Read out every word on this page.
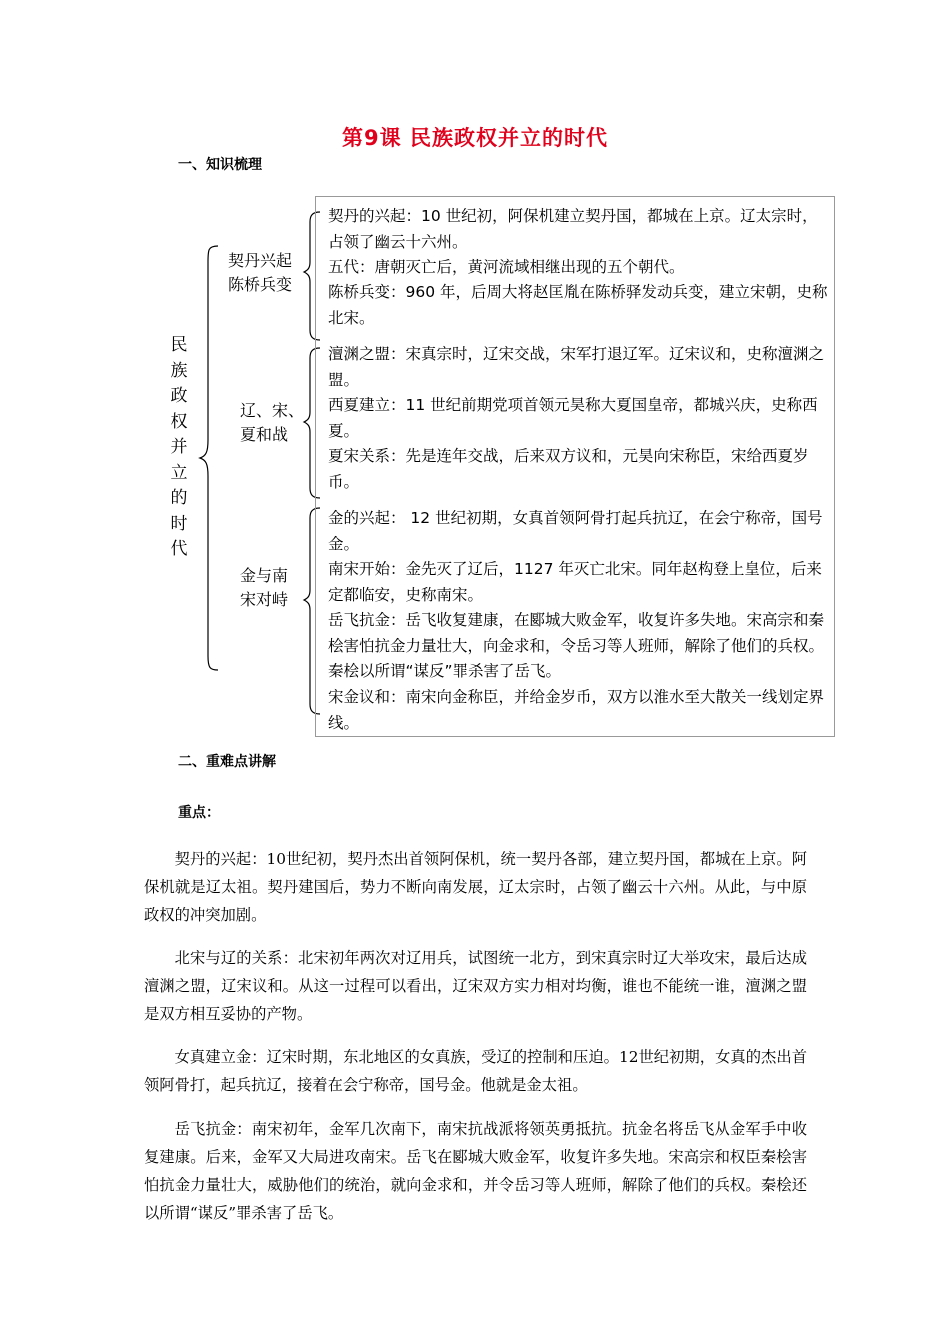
第9课 民族政权并立的时代
一、知识梳理
民
族
政
权
并
立
的
时
代
契丹兴起
陈桥兵变
辽、宋、
夏和战
金与南
宋对峙
契丹的兴起：10 世纪初，阿保机建立契丹国，都城在上京。辽太宗时，占领了幽云十六州。
五代：唐朝灭亡后，黄河流域相继出现的五个朝代。
陈桥兵变：960 年，后周大将赵匡胤在陈桥驿发动兵变，建立宋朝，史称北宋。
澶渊之盟：宋真宗时，辽宋交战，宋军打退辽军。辽宋议和，史称澶渊之盟。
西夏建立：11 世纪前期党项首领元昊称大夏国皇帝，都城兴庆，史称西夏。
夏宋关系：先是连年交战，后来双方议和，元昊向宋称臣，宋给西夏岁币。
金的兴起： 12 世纪初期，女真首领阿骨打起兵抗辽，在会宁称帝，国号金。
南宋开始：金先灭了辽后，1127 年灭亡北宋。同年赵构登上皇位，后来定都临安，史称南宋。
岳飞抗金：岳飞收复建康，在郾城大败金军，收复许多失地。宋高宗和秦桧害怕抗金力量壮大，向金求和，令岳习等人班师，解除了他们的兵权。秦桧以所谓“谋反”罪杀害了岳飞。
宋金议和：南宋向金称臣，并给金岁币，双方以淮水至大散关一线划定界线。
二、重难点讲解
重点：
契丹的兴起：10世纪初，契丹杰出首领阿保机，统一契丹各部，建立契丹国，都城在上京。阿保机就是辽太祖。契丹建国后，势力不断向南发展，辽太宗时，占领了幽云十六州。从此，与中原政权的冲突加剧。
北宋与辽的关系：北宋初年两次对辽用兵，试图统一北方，到宋真宗时辽大举攻宋，最后达成澶渊之盟，辽宋议和。从这一过程可以看出，辽宋双方实力相对均衡，谁也不能统一谁，澶渊之盟是双方相互妥协的产物。
女真建立金：辽宋时期，东北地区的女真族，受辽的控制和压迫。12世纪初期，女真的杰出首领阿骨打，起兵抗辽，接着在会宁称帝，国号金。他就是金太祖。
岳飞抗金：南宋初年，金军几次南下，南宋抗战派将领英勇抵抗。抗金名将岳飞从金军手中收复建康。后来，金军又大局进攻南宋。岳飞在郾城大败金军，收复许多失地。宋高宗和权臣秦桧害怕抗金力量壮大，威胁他们的统治，就向金求和，并令岳习等人班师，解除了他们的兵权。秦桧还以所谓“谋反”罪杀害了岳飞。
